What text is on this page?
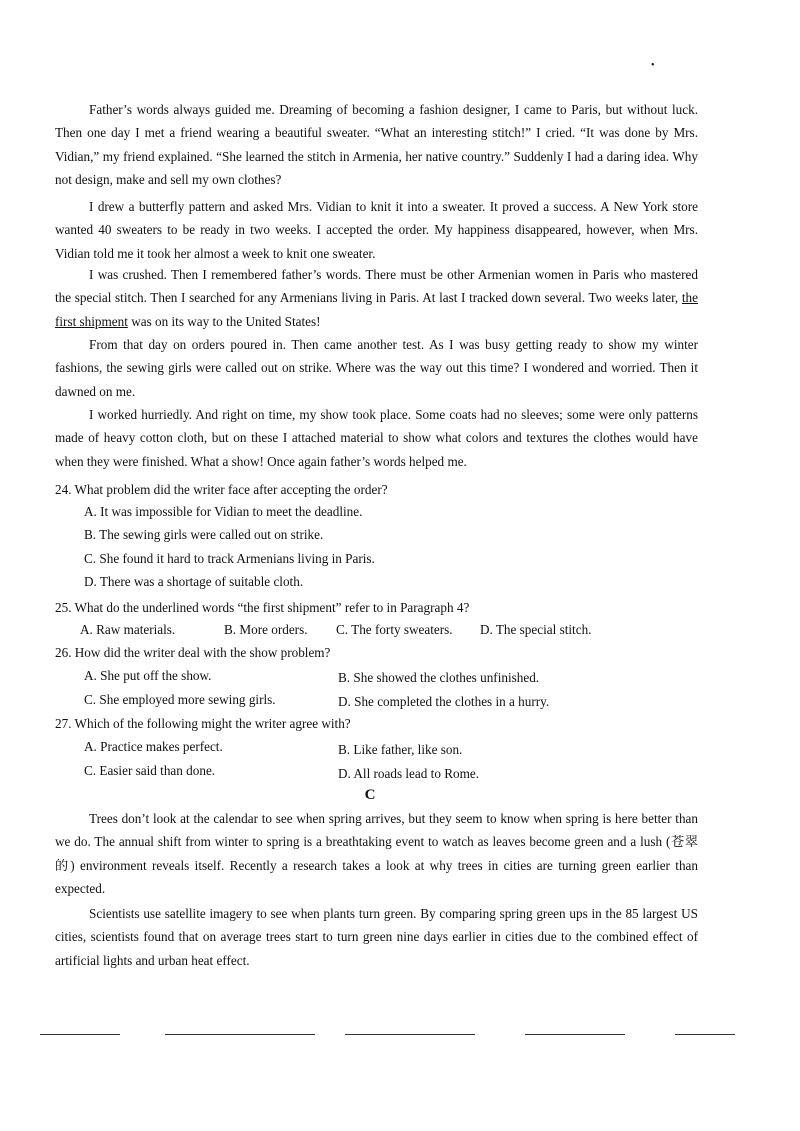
•

Father’s words always guided me. Dreaming of becoming a fashion designer, I came to Paris, but without luck. Then one day I met a friend wearing a beautiful sweater. “What an interesting stitch!” I cried. “It was done by Mrs. Vidian,” my friend explained. “She learned the stitch in Armenia, her native country.” Suddenly I had a daring idea. Why not design, make and sell my own clothes?

I drew a butterfly pattern and asked Mrs. Vidian to knit it into a sweater. It proved a success. A New York store wanted 40 sweaters to be ready in two weeks. I accepted the order. My happiness disappeared, however, when Mrs. Vidian told me it took her almost a week to knit one sweater.

I was crushed. Then I remembered father’s words. There must be other Armenian women in Paris who mastered the special stitch. Then I searched for any Armenians living in Paris. At last I tracked down several. Two weeks later, the first shipment was on its way to the United States!

From that day on orders poured in. Then came another test. As I was busy getting ready to show my winter fashions, the sewing girls were called out on strike. Where was the way out this time? I wondered and worried. Then it dawned on me.

I worked hurriedly. And right on time, my show took place. Some coats had no sleeves; some were only patterns made of heavy cotton cloth, but on these I attached material to show what colors and textures the clothes would have when they were finished. What a show! Once again father’s words helped me.

24. What problem did the writer face after accepting the order?

A. It was impossible for Vidian to meet the deadline.
B. The sewing girls were called out on strike.
C. She found it hard to track Armenians living in Paris.
D. There was a shortage of suitable cloth.

25. What do the underlined words “the first shipment” refer to in Paragraph 4?

A. Raw materials.	B. More orders. C. The forty sweaters. D. The special stitch.

26. How did the writer deal with the show problem?

A. She put off the show.	B. She showed the clothes unfinished.
C. She employed more sewing girls.	D. She completed the clothes in a hurry.

27. Which of the following might the writer agree with?

A. Practice makes perfect.	B. Like father, like son.
C. Easier said than done.	D. All roads lead to Rome.
C

Trees don’t look at the calendar to see when spring arrives, but they seem to know when spring is here better than we do. The annual shift from winter to spring is a breathtaking event to watch as leaves become green and a lush (苍翠的) environment reveals itself. Recently a research takes a look at why trees in cities are turning green earlier than expected.

Scientists use satellite imagery to see when plants turn green. By comparing spring green ups in the 85 largest US cities, scientists found that on average trees start to turn green nine days earlier in cities due to the combined effect of artificial lights and urban heat effect.
